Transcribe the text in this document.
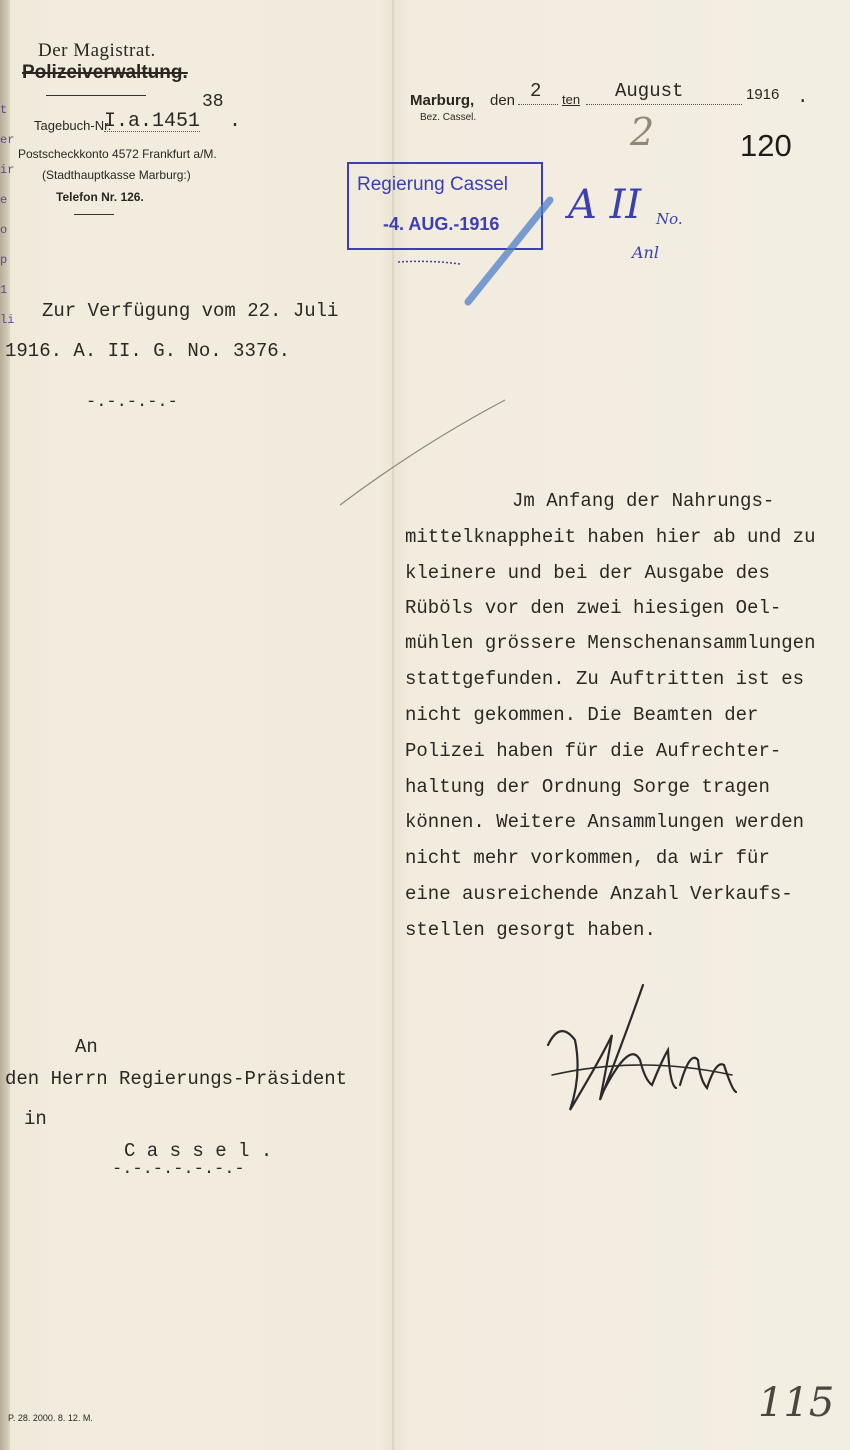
t
er
ir
e
o
p
1
li
Der Magistrat.
Polizeiverwaltung.
Tagebuch-Nr.
I.a.1451
38
.
Postscheckkonto 4572 Frankfurt a/M.
(Stadthauptkasse Marburg:)
Telefon Nr. 126.
Marburg, den 2 ten August	1916 .
Bez. Cassel.
120
Regierung Cassel
-4. AUG.-1916
2
A II No.
Anl
Zur Verfügung vom 22. Juli
1916. A. II. G. No. 3376.
-.-.-.-.-
Jm Anfang der Nahrungs-
mittelknappheit haben hier ab und zu
kleinere und bei der Ausgabe des
Rüböls vor den zwei hiesigen Oel-
mühlen grössere Menschenansammlungen
stattgefunden. Zu Auftritten ist es
nicht gekommen. Die Beamten der
Polizei haben für die Aufrechter-
haltung der Ordnung Sorge tragen
können. Weitere Ansammlungen werden
nicht mehr vorkommen, da wir für
eine ausreichende Anzahl Verkaufs-
stellen gesorgt haben.
An
den Herrn Regierungs-Präsident
in
C a s s e l .
-.-.-.-.-.-.-
P. 28. 2000. 8. 12. M.	115
